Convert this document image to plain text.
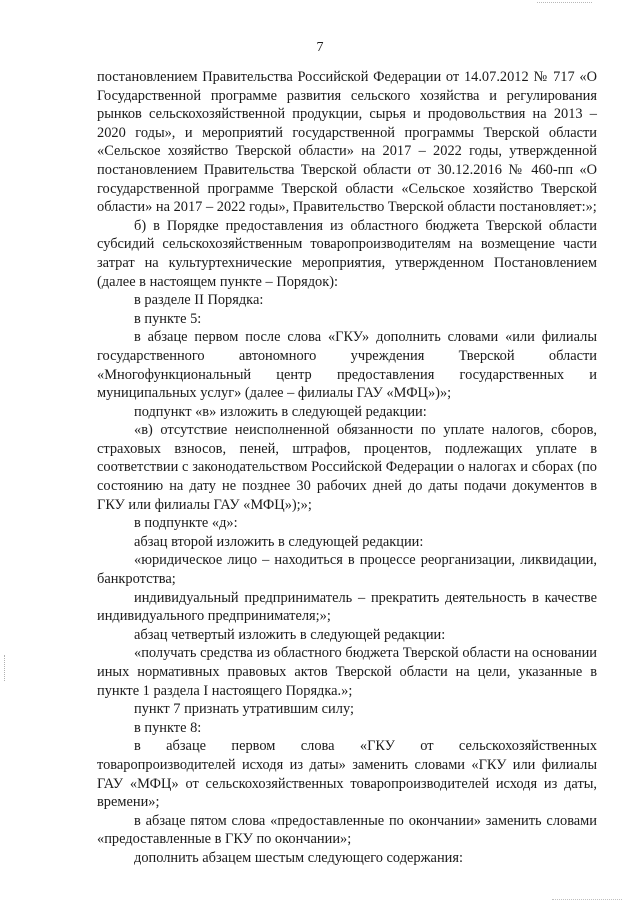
7

постановлением Правительства Российской Федерации от 14.07.2012 № 717 «О Государственной программе развития сельского хозяйства и регулирования рынков сельскохозяйственной продукции, сырья и продовольствия на 2013 – 2020 годы», и мероприятий государственной программы Тверской области «Сельское хозяйство Тверской области» на 2017 – 2022 годы, утвержденной постановлением Правительства Тверской области от 30.12.2016 № 460-пп «О государственной программе Тверской области «Сельское хозяйство Тверской области» на 2017 – 2022 годы», Правительство Тверской области постановляет:»;

б) в Порядке предоставления из областного бюджета Тверской области субсидий сельскохозяйственным товаропроизводителям на возмещение части затрат на культуртехнические мероприятия, утвержденном Постановлением (далее в настоящем пункте – Порядок):

в разделе II Порядка:

в пункте 5:

в абзаце первом после слова «ГКУ» дополнить словами «или филиалы государственного автономного учреждения Тверской области «Многофункциональный центр предоставления государственных и муниципальных услуг» (далее – филиалы ГАУ «МФЦ»)»;

подпункт «в» изложить в следующей редакции:

«в) отсутствие неисполненной обязанности по уплате налогов, сборов, страховых взносов, пеней, штрафов, процентов, подлежащих уплате в соответствии с законодательством Российской Федерации о налогах и сборах (по состоянию на дату не позднее 30 рабочих дней до даты подачи документов в ГКУ или филиалы ГАУ «МФЦ»);»;

в подпункте «д»:

абзац второй изложить в следующей редакции:

«юридическое лицо – находиться в процессе реорганизации, ликвидации, банкротства;

индивидуальный предприниматель – прекратить деятельность в качестве индивидуального предпринимателя;»;

абзац четвертый изложить в следующей редакции:

«получать средства из областного бюджета Тверской области на основании иных нормативных правовых актов Тверской области на цели, указанные в пункте 1 раздела I настоящего Порядка.»;

пункт 7 признать утратившим силу;

в пункте 8:

в абзаце первом слова «ГКУ от сельскохозяйственных товаропроизводителей исходя из даты» заменить словами «ГКУ или филиалы ГАУ «МФЦ» от сельскохозяйственных товаропроизводителей исходя из даты, времени»;

в абзаце пятом слова «предоставленные по окончании» заменить словами «предоставленные в ГКУ по окончании»;

дополнить абзацем шестым следующего содержания:
